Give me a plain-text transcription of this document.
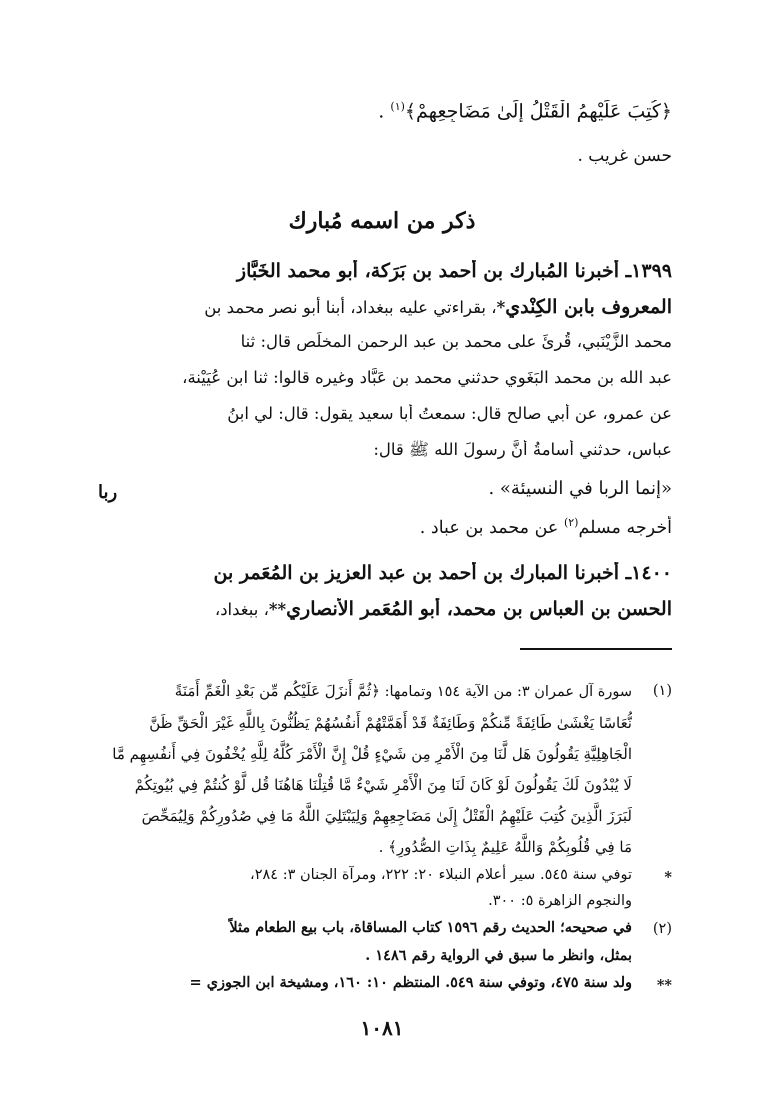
﴿كُتِبَ عَلَيْهِمُ الْقَتْلُ إِلَىٰ مَضَاجِعِهِمْ﴾$^{(١)}$ .
حسن غريب .
ذكر من اسمه مُبارك
١٣٩٩ـ أخبرنا المُبارك بن أحمد بن بَرَكة، أبو محمد الخَبَّاز
المعروف بابن الكِنْدي*، بقراءتي عليه ببغداد، أبنا أبو نصر محمد بن
محمد الزَّيْنَبي، قُرِئَ على محمد بن عبد الرحمن المخلِّص قال: ثنا
عبد الله بن محمد البَغَوي حدثني محمد بن عَبَّاد وغيره قالوا: ثنا ابن عُيَيْنة،
عن عمرو، عن أبي صالح قال: سمعتُ أبا سعيد يقول: قال: لي ابنُ
عباس، حدثني أُسامةُ أَنَّ رسولَ الله ﷺ قال:
«إنما الربا في النسيئة» .
أخرجه مسلم$^{(٢)}$ عن محمد بن عباد .
ربا
١٤٠٠ـ أخبرنا المبارك بن أحمد بن عبد العزيز بن المُعَمر بن
الحسن بن العباس بن محمد، أبو المُعَمر الأنصاري**، ببغداد،
(١)
سورة آل عمران ٣: من الآية ١٥٤ وتمامها: ﴿ثُمَّ أَنزَلَ عَلَيْكُم مِّن بَعْدِ الْغَمِّ أَمَنَةً
نُّعَاسًا يَغْشَىٰ طَائِفَةً مِّنكُمْ وَطَائِفَةٌ قَدْ أَهَمَّتْهُمْ أَنفُسُهُمْ يَظُنُّونَ بِاللَّهِ غَيْرَ الْحَقِّ ظَنَّ
الْجَاهِلِيَّةِ يَقُولُونَ هَل لَّنَا مِنَ الْأَمْرِ مِن شَيْءٍ قُلْ إِنَّ الْأَمْرَ كُلَّهُ لِلَّهِ يُخْفُونَ فِي أَنفُسِهِم مَّا
لَا يُبْدُونَ لَكَ يَقُولُونَ لَوْ كَانَ لَنَا مِنَ الْأَمْرِ شَيْءٌ مَّا قُتِلْنَا هَاهُنَا قُل لَّوْ كُنتُمْ فِي بُيُوتِكُمْ
لَبَرَزَ الَّذِينَ كُتِبَ عَلَيْهِمُ الْقَتْلُ إِلَىٰ مَضَاجِعِهِمْ وَلِيَبْتَلِيَ اللَّهُ مَا فِي صُدُورِكُمْ وَلِيُمَحِّصَ
مَا فِي قُلُوبِكُمْ وَاللَّهُ عَلِيمٌ بِذَاتِ الصُّدُورِ﴾ .
*
توفي سنة ٥٤٥. سير أعلام النبلاء ٢٠: ٢٢٢، ومرآة الجنان ٣: ٢٨٤،
والنجوم الزاهرة ٥: ٣٠٠.
(٢)
في صحيحه؛ الحديث رقم ١٥٩٦ كتاب المساقاة، باب بيع الطعام مثلاً
بمثل، وانظر ما سبق في الرواية رقم ١٤٨٦ .
**
ولد سنة ٤٧٥، وتوفي سنة ٥٤٩. المنتظم ١٠: ١٦٠، ومشيخة ابن الجوزي =
١٠٨١
